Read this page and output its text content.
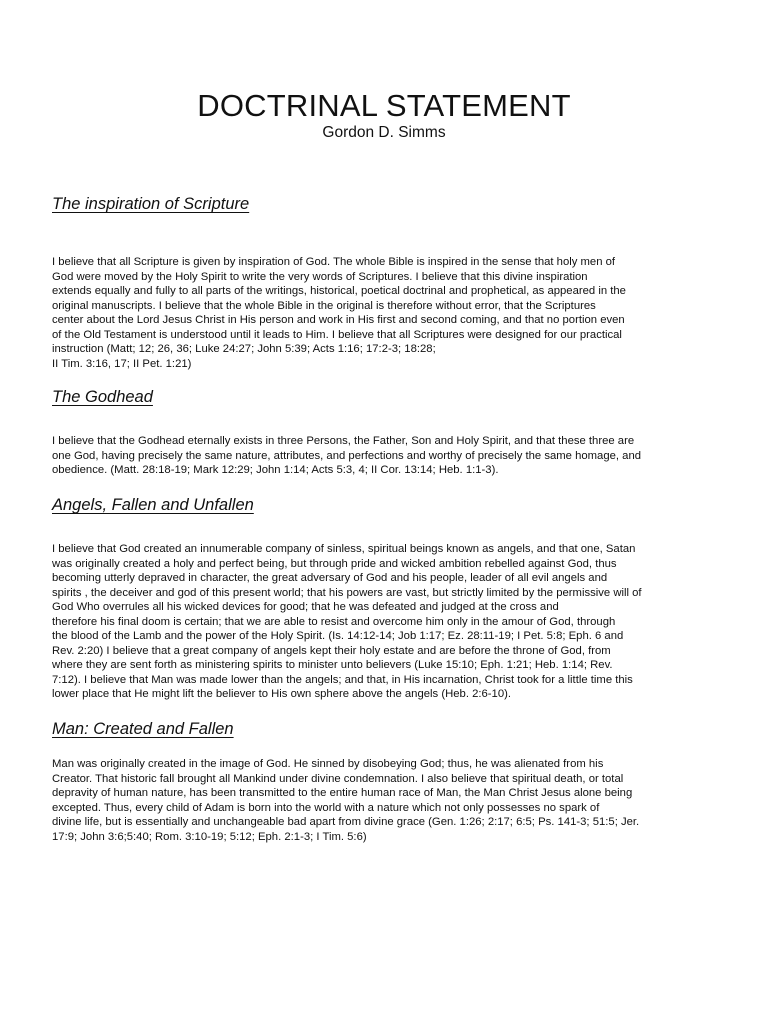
DOCTRINAL STATEMENT
Gordon D. Simms
The inspiration of Scripture
I believe that all Scripture is given by inspiration of God. The whole Bible is inspired in the sense that holy men of
God were moved by the Holy Spirit to write the very words of Scriptures. I believe that this divine inspiration
extends equally and fully to all parts of the writings, historical, poetical doctrinal and prophetical, as appeared in the
original manuscripts. I believe that the whole Bible in the original is therefore without error, that the Scriptures
center about the Lord Jesus Christ in His person and work in His first and second coming, and that no portion even
of the Old Testament is understood until it leads to Him. I believe that all Scriptures were designed for our practical
instruction (Matt; 12; 26, 36; Luke 24:27; John 5:39; Acts 1:16; 17:2-3; 18:28;
II Tim. 3:16, 17; II Pet. 1:21)
The Godhead
I believe that the Godhead eternally exists in three Persons, the Father, Son and Holy Spirit, and that these three are
one God, having precisely the same nature, attributes, and perfections and worthy of precisely the same homage, and
obedience. (Matt. 28:18-19; Mark 12:29; John 1:14; Acts 5:3, 4; II Cor. 13:14; Heb. 1:1-3).
Angels, Fallen and Unfallen
I believe that God created an innumerable company of sinless, spiritual beings known as angels, and that one, Satan
was originally created a holy and perfect being, but through pride and wicked ambition rebelled against God, thus
becoming utterly depraved in character, the great adversary of God and his people, leader of all evil angels and
spirits , the deceiver and god of this present world; that his powers are vast, but strictly limited by the permissive will of
God Who overrules all his wicked devices for good; that he was defeated and judged at the cross and
therefore his final doom is certain; that we are able to resist and overcome him only in the amour of God, through
the blood of the Lamb and the power of the Holy Spirit. (Is. 14:12-14; Job 1:17; Ez. 28:11-19; I Pet. 5:8; Eph. 6 and
Rev. 2:20) I believe that a great company of angels kept their holy estate and are before the throne of God, from
where they are sent forth as ministering spirits to minister unto believers (Luke 15:10; Eph. 1:21; Heb. 1:14; Rev.
7:12). I believe that Man was made lower than the angels; and that, in His incarnation, Christ took for a little time this
lower place that He might lift the believer to His own sphere above the angels (Heb. 2:6-10).
Man: Created and Fallen
Man was originally created in the image of God. He sinned by disobeying God; thus, he was alienated from his
Creator. That historic fall brought all Mankind under divine condemnation. I also believe that spiritual death, or total
depravity of human nature, has been transmitted to the entire human race of Man, the Man Christ Jesus alone being
excepted. Thus, every child of Adam is born into the world with a nature which not only possesses no spark of
divine life, but is essentially and unchangeable bad apart from divine grace (Gen. 1:26; 2:17; 6:5; Ps. 141-3; 51:5; Jer.
17:9; John 3:6;5:40; Rom. 3:10-19; 5:12; Eph. 2:1-3; I Tim. 5:6)
